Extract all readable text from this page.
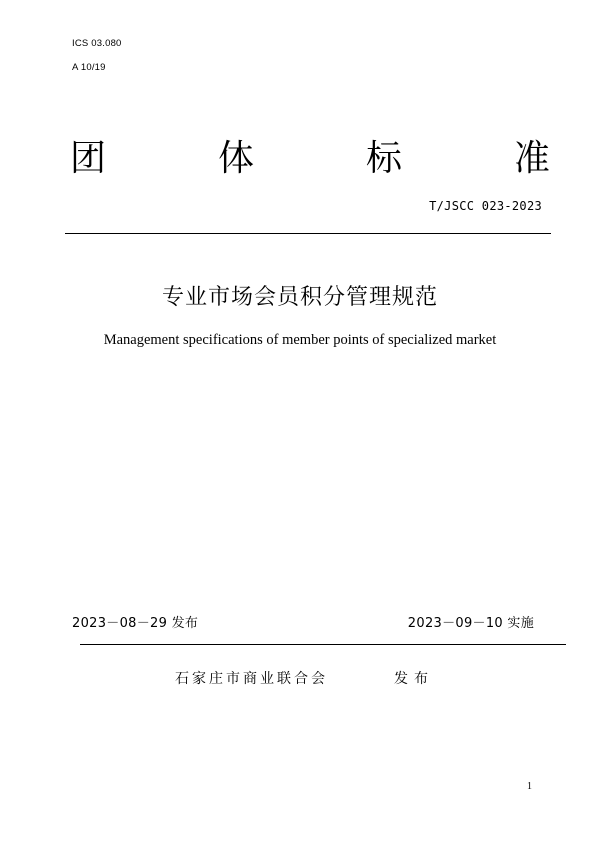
ICS 03.080
A 10/19
团	体	标	准
T/JSCC 023-2023
专业市场会员积分管理规范
Management specifications of member points of specialized market
2023－08－29 发布	2023－09－10 实施
石家庄市商业联合会	发布
1
